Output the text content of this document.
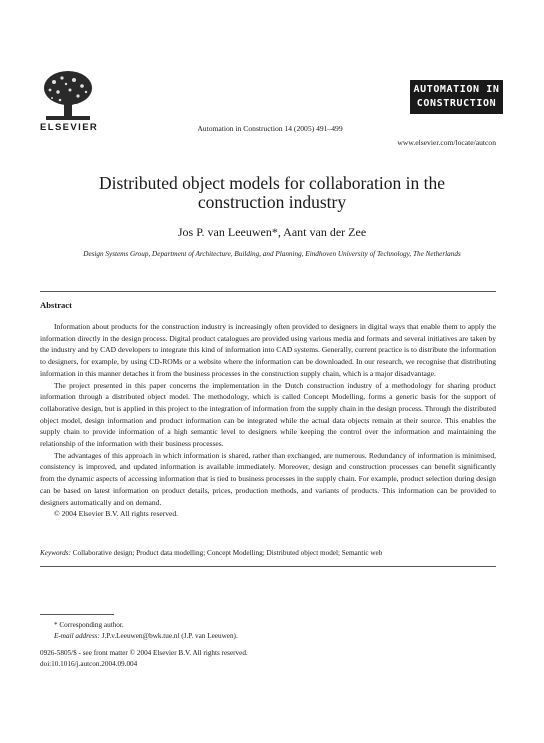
ELSEVIER	Automation in Construction 14 (2005) 491–499
AUTOMATION IN
CONSTRUCTION
www.elsevier.com/locate/autcon
Distributed object models for collaboration in the construction industry
Jos P. van Leeuwen*, Aant van der Zee
Design Systems Group, Department of Architecture, Building, and Planning, Eindhoven University of Technology, The Netherlands
Abstract

Information about products for the construction industry is increasingly often provided to designers in digital ways that enable them to apply the information directly in the design process. Digital product catalogues are provided using various media and formats and several initiatives are taken by the industry and by CAD developers to integrate this kind of information into CAD systems. Generally, current practice is to distribute the information to designers, for example, by using CD-ROMs or a website where the information can be downloaded. In our research, we recognise that distributing information in this manner detaches it from the business processes in the construction supply chain, which is a major disadvantage.

The project presented in this paper concerns the implementation in the Dutch construction industry of a methodology for sharing product information through a distributed object model. The methodology, which is called Concept Modelling, forms a generic basis for the support of collaborative design, but is applied in this project to the integration of information from the supply chain in the design process. Through the distributed object model, design information and product information can be integrated while the actual data objects remain at their source. This enables the supply chain to provide information of a high semantic level to designers while keeping the control over the information and maintaining the relationship of the information with their business processes.

The advantages of this approach in which information is shared, rather than exchanged, are numerous. Redundancy of information is minimised, consistency is improved, and updated information is available immediately. Moreover, design and construction processes can benefit significantly from the dynamic aspects of accessing information that is tied to business processes in the supply chain. For example, product selection during design can be based on latest information on product details, prices, production methods, and variants of products. This information can be provided to designers automatically and on demand.

© 2004 Elsevier B.V. All rights reserved.

Keywords: Collaborative design; Product data modelling; Concept Modelling; Distributed object model; Semantic web
* Corresponding author.
E-mail address: J.P.v.Leeuwen@bwk.tue.nl (J.P. van Leeuwen).
0926-5805/$ - see front matter © 2004 Elsevier B.V. All rights reserved.
doi:10.1016/j.autcon.2004.09.004
